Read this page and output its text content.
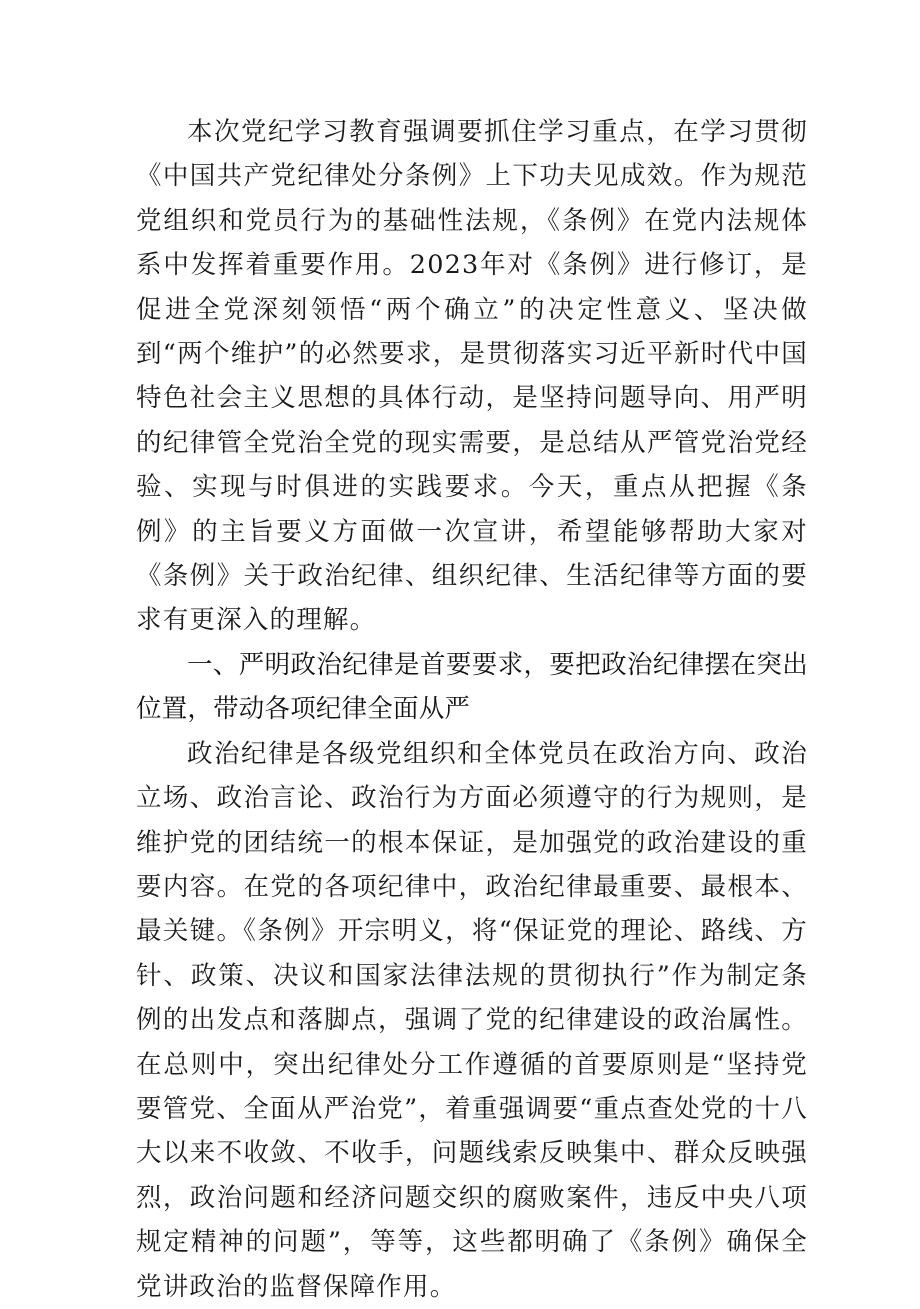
本次党纪学习教育强调要抓住学习重点，在学习贯彻《中国共产党纪律处分条例》上下功夫见成效。作为规范党组织和党员行为的基础性法规，《条例》在党内法规体系中发挥着重要作用。2023年对《条例》进行修订，是促进全党深刻领悟“两个确立”的决定性意义、坚决做到“两个维护”的必然要求，是贯彻落实习近平新时代中国特色社会主义思想的具体行动，是坚持问题导向、用严明的纪律管全党治全党的现实需要，是总结从严管党治党经验、实现与时俱进的实践要求。今天，重点从把握《条例》的主旨要义方面做一次宣讲，希望能够帮助大家对《条例》关于政治纪律、组织纪律、生活纪律等方面的要求有更深入的理解。

一、严明政治纪律是首要要求，要把政治纪律摆在突出位置，带动各项纪律全面从严

政治纪律是各级党组织和全体党员在政治方向、政治立场、政治言论、政治行为方面必须遵守的行为规则，是维护党的团结统一的根本保证，是加强党的政治建设的重要内容。在党的各项纪律中，政治纪律最重要、最根本、最关键。《条例》开宗明义，将“保证党的理论、路线、方针、政策、决议和国家法律法规的贯彻执行”作为制定条例的出发点和落脚点，强调了党的纪律建设的政治属性。在总则中，突出纪律处分工作遵循的首要原则是“坚持党要管党、全面从严治党”，着重强调要“重点查处党的十八大以来不收敛、不收手，问题线索反映集中、群众反映强烈，政治问题和经济问题交织的腐败案件，违反中央八项规定精神的问题”，等等，这些都明确了《条例》确保全党讲政治的监督保障作用。
